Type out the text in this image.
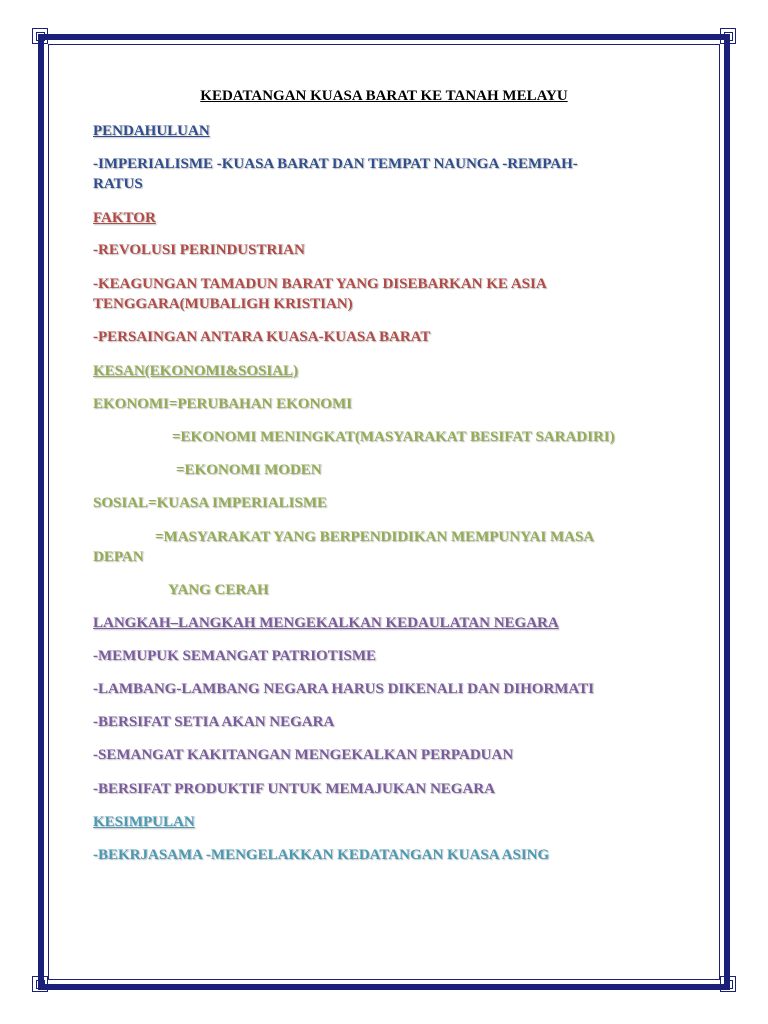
KEDATANGAN KUASA BARAT KE TANAH MELAYU
PENDAHULUAN
-IMPERIALISME -KUASA BARAT DAN TEMPAT NAUNGA -REMPAH-
RATUS
FAKTOR
-REVOLUSI PERINDUSTRIAN
-KEAGUNGAN TAMADUN BARAT YANG DISEBARKAN KE ASIA
TENGGARA(MUBALIGH KRISTIAN)
-PERSAINGAN ANTARA KUASA-KUASA BARAT
KESAN(EKONOMI&SOSIAL)
EKONOMI=PERUBAHAN EKONOMI
=EKONOMI MENINGKAT(MASYARAKAT BESIFAT SARADIRI)
=EKONOMI MODEN
SOSIAL=KUASA IMPERIALISME
=MASYARAKAT YANG BERPENDIDIKAN MEMPUNYAI MASA
DEPAN
YANG CERAH
LANGKAH–LANGKAH MENGEKALKAN KEDAULATAN NEGARA
-MEMUPUK SEMANGAT PATRIOTISME
-LAMBANG-LAMBANG NEGARA HARUS DIKENALI DAN DIHORMATI
-BERSIFAT SETIA AKAN NEGARA
-SEMANGAT KAKITANGAN MENGEKALKAN PERPADUAN
-BERSIFAT PRODUKTIF UNTUK MEMAJUKAN NEGARA
KESIMPULAN
-BEKRJASAMA -MENGELAKKAN KEDATANGAN KUASA ASING
